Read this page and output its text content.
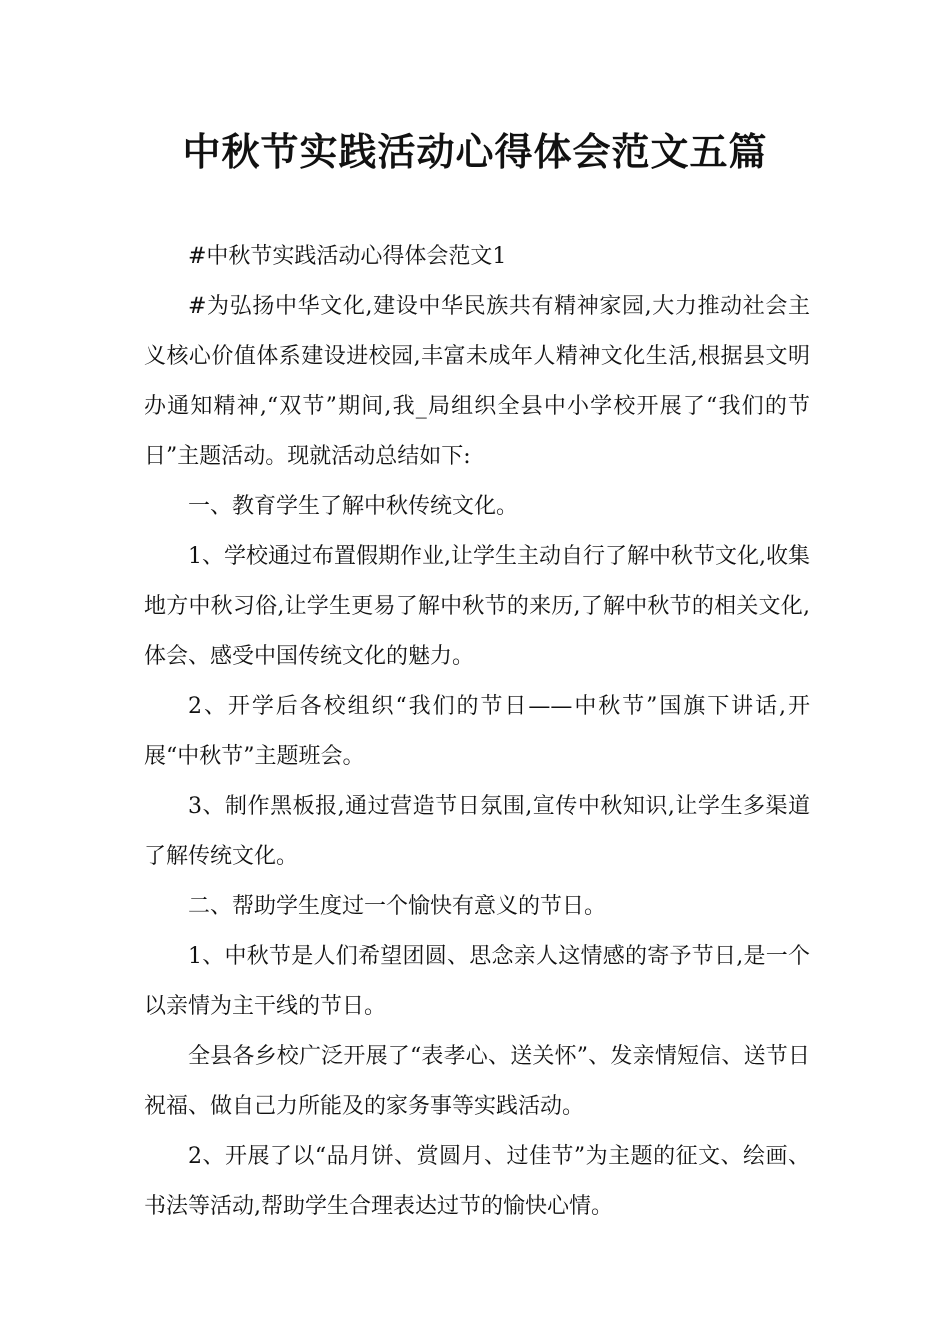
中秋节实践活动心得体会范文五篇

#中秋节实践活动心得体会范文1

#为弘扬中华文化,建设中华民族共有精神家园,大力推动社会主义核心价值体系建设进校园,丰富未成年人精神文化生活,根据县文明办通知精神,“双节”期间,我_局组织全县中小学校开展了“我们的节日”主题活动。现就活动总结如下:

一、教育学生了解中秋传统文化。

1、学校通过布置假期作业,让学生主动自行了解中秋节文化,收集地方中秋习俗,让学生更易了解中秋节的来历,了解中秋节的相关文化,体会、感受中国传统文化的魅力。

2、开学后各校组织“我们的节日——中秋节”国旗下讲话,开展“中秋节”主题班会。

3、制作黑板报,通过营造节日氛围,宣传中秋知识,让学生多渠道了解传统文化。

二、帮助学生度过一个愉快有意义的节日。

1、中秋节是人们希望团圆、思念亲人这情感的寄予节日,是一个以亲情为主干线的节日。

全县各乡校广泛开展了“表孝心、送关怀”、发亲情短信、送节日祝福、做自己力所能及的家务事等实践活动。

2、开展了以“品月饼、赏圆月、过佳节”为主题的征文、绘画、书法等活动,帮助学生合理表达过节的愉快心情。
